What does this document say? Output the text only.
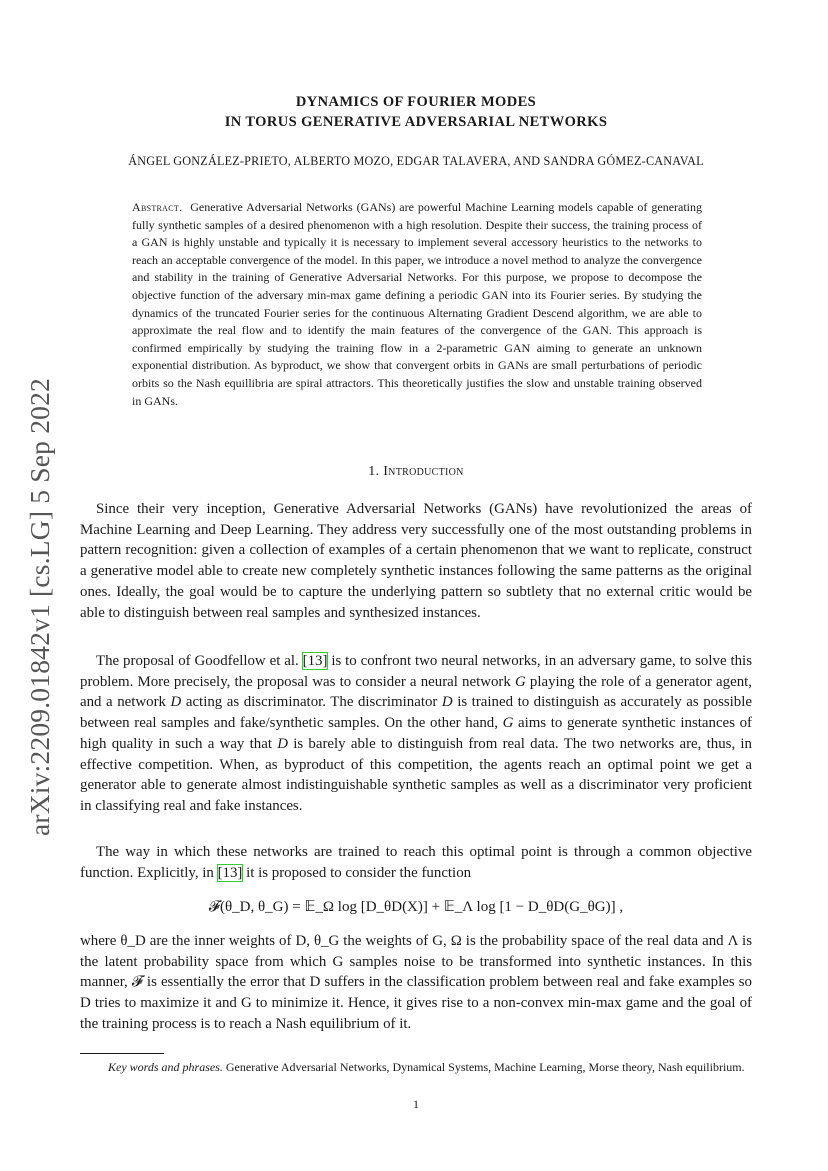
arXiv:2209.01842v1 [cs.LG] 5 Sep 2022
DYNAMICS OF FOURIER MODES
IN TORUS GENERATIVE ADVERSARIAL NETWORKS
ÁNGEL GONZÁLEZ-PRIETO, ALBERTO MOZO, EDGAR TALAVERA, AND SANDRA GÓMEZ-CANAVAL

Abstract. Generative Adversarial Networks (GANs) are powerful Machine Learning models capable of generating fully synthetic samples of a desired phenomenon with a high resolution. Despite their success, the training process of a GAN is highly unstable and typically it is necessary to implement several accessory heuristics to the networks to reach an acceptable convergence of the model. In this paper, we introduce a novel method to analyze the convergence and stability in the training of Generative Adversarial Networks. For this purpose, we propose to decompose the objective function of the adversary min-max game defining a periodic GAN into its Fourier series. By studying the dynamics of the truncated Fourier series for the continuous Alternating Gradient Descend algorithm, we are able to approximate the real flow and to identify the main features of the convergence of the GAN. This approach is confirmed empirically by studying the training flow in a 2-parametric GAN aiming to generate an unknown exponential distribution. As byproduct, we show that convergent orbits in GANs are small perturbations of periodic orbits so the Nash equillibria are spiral attractors. This theoretically justifies the slow and unstable training observed in GANs.

1. Introduction

Since their very inception, Generative Adversarial Networks (GANs) have revolutionized the areas of Machine Learning and Deep Learning. They address very successfully one of the most outstanding problems in pattern recognition: given a collection of examples of a certain phenomenon that we want to replicate, construct a generative model able to create new completely synthetic instances following the same patterns as the original ones. Ideally, the goal would be to capture the underlying pattern so subtlety that no external critic would be able to distinguish between real samples and synthesized instances.

The proposal of Goodfellow et al. [13] is to confront two neural networks, in an adversary game, to solve this problem. More precisely, the proposal was to consider a neural network G playing the role of a generator agent, and a network D acting as discriminator. The discriminator D is trained to distinguish as accurately as possible between real samples and fake/synthetic samples. On the other hand, G aims to generate synthetic instances of high quality in such a way that D is barely able to distinguish from real data. The two networks are, thus, in effective competition. When, as byproduct of this competition, the agents reach an optimal point we get a generator able to generate almost indistinguishable synthetic samples as well as a discriminator very proficient in classifying real and fake instances.

The way in which these networks are trained to reach this optimal point is through a common objective function. Explicitly, in [13] it is proposed to consider the function

𝓕(θ_D, θ_G) = 𝔼_Ω log [D_θD(X)] + 𝔼_Λ log [1 − D_θD(G_θG)] ,

where θ_D are the inner weights of D, θ_G the weights of G, Ω is the probability space of the real data and Λ is the latent probability space from which G samples noise to be transformed into synthetic instances. In this manner, 𝓕 is essentially the error that D suffers in the classification problem between real and fake examples so D tries to maximize it and G to minimize it. Hence, it gives rise to a non-convex min-max game and the goal of the training process is to reach a Nash equilibrium of it.

Key words and phrases. Generative Adversarial Networks, Dynamical Systems, Machine Learning, Morse theory, Nash equilibrium.

1
